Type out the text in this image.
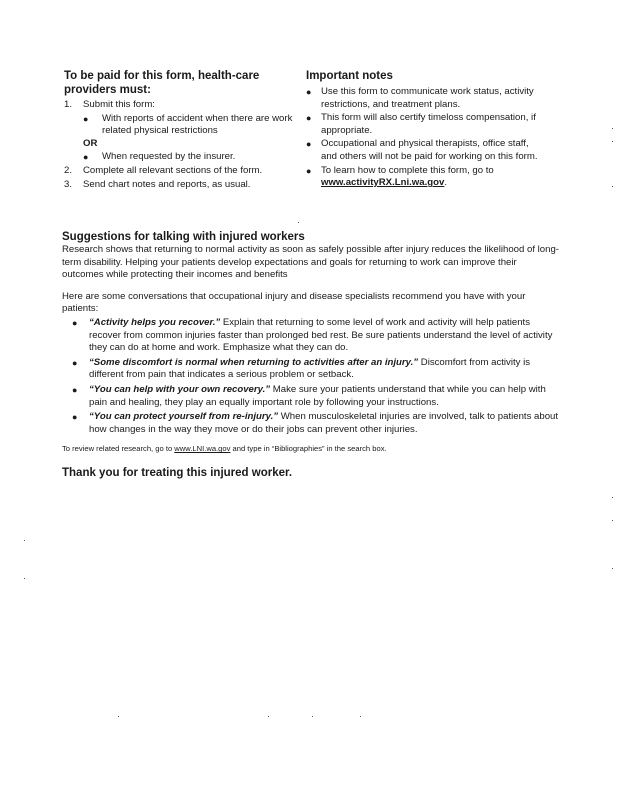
To be paid for this form, health-care providers must:
1. Submit this form:
● With reports of accident when there are work related physical restrictions
OR
● When requested by the insurer.
2. Complete all relevant sections of the form.
3. Send chart notes and reports, as usual.
Important notes
● Use this form to communicate work status, activity restrictions, and treatment plans.
● This form will also certify timeloss compensation, if appropriate.
● Occupational and physical therapists, office staff, and others will not be paid for working on this form.
● To learn how to complete this form, go to
www.activityRX.Lni.wa.gov.
Suggestions for talking with injured workers
Research shows that returning to normal activity as soon as safely possible after injury reduces the likelihood of long-term disability. Helping your patients develop expectations and goals for returning to work can improve their outcomes while protecting their incomes and benefits
Here are some conversations that occupational injury and disease specialists recommend you have with your patients:
● “Activity helps you recover.” Explain that returning to some level of work and activity will help patients recover from common injuries faster than prolonged bed rest. Be sure patients understand the level of activity they can do at home and work. Emphasize what they can do.
● “Some discomfort is normal when returning to activities after an injury.” Discomfort from activity is different from pain that indicates a serious problem or setback.
● “You can help with your own recovery.” Make sure your patients understand that while you can help with pain and healing, they play an equally important role by following your instructions.
● “You can protect yourself from re-injury.” When musculoskeletal injuries are involved, talk to patients about how changes in the way they move or do their jobs can prevent other injuries.
To review related research, go to www.LNI.wa.gov and type in “Bibliographies” in the search box.
Thank you for treating this injured worker.
